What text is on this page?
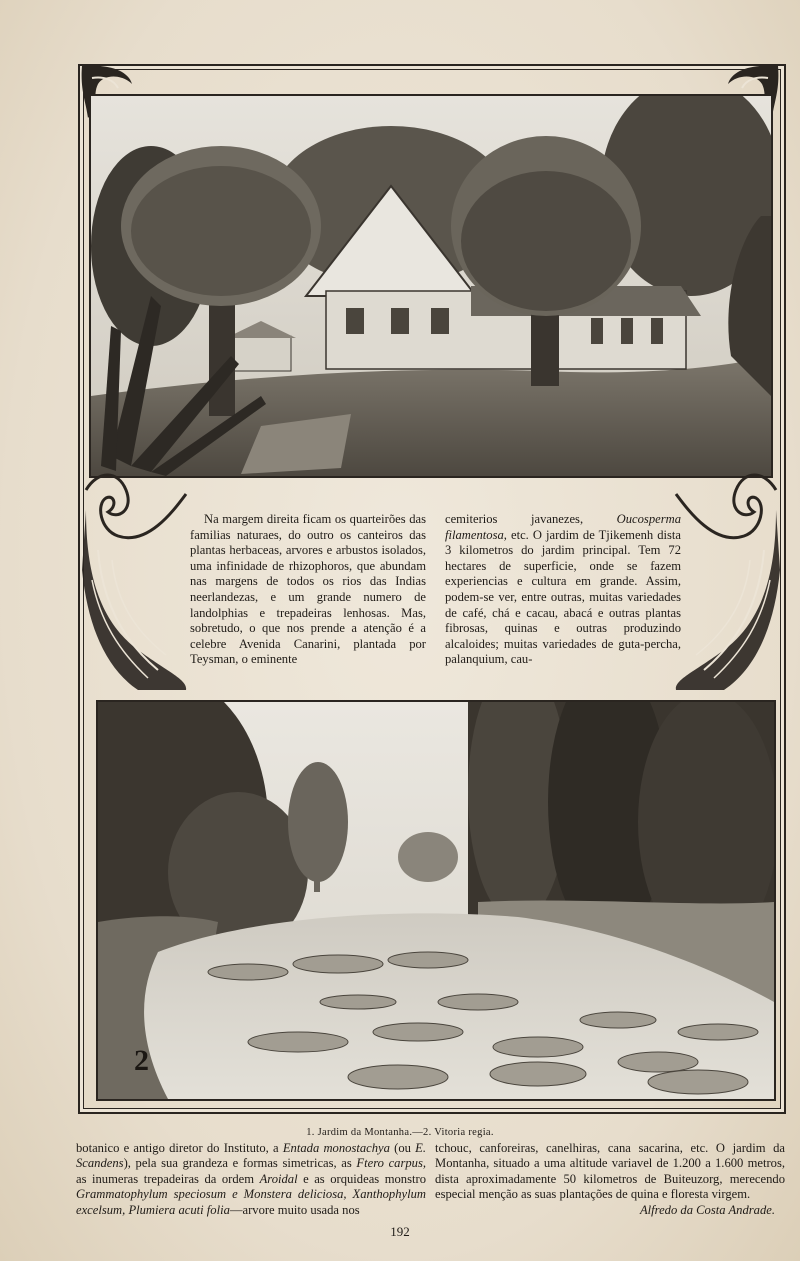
Na margem direita ficam os quarteirões das familias naturaes, do outro os canteiros das plantas herbaceas, arvores e arbustos isolados, uma infinidade de rhizophoros, que abundam nas margens de todos os rios das Indias neerlandezas, e um grande numero de landolphias e trepadeiras lenhosas. Mas, sobretudo, o que nos prende a atenção é a celebre Avenida Canarini, plantada por Teysman, o eminente
cemiterios javanezes, Oucosperma filamentosa, etc. O jardim de Tjikemenh dista 3 kilometros do jardim principal. Tem 72 hectares de superficie, onde se fazem experiencias e cultura em grande. Assim, podem-se ver, entre outras, muitas variedades de café, chá e cacau, abacá e outras plantas fibrosas, quinas e outras produzindo alcaloides; muitas variedades de guta-percha, palanquium, cau-
2
1. Jardim da Montanha.—2. Vitoria regia.
botanico e antigo diretor do Instituto, a Entada monostachya (ou E. Scandens), pela sua grandeza e formas simetricas, as Ftero carpus, as inumeras trepadeiras da ordem Aroidal e as orquideas monstro Grammatophylum speciosum e Monstera deliciosa, Xanthophylum excelsum, Plumiera acuti folia—arvore muito usada nos
tchouc, canforeiras, canelhiras, cana sacarina, etc. O jardim da Montanha, situado a uma altitude variavel de 1.200 a 1.600 metros, dista aproximadamente 50 kilometros de Buiteuzorg, merecendo especial menção as suas plantações de quina e floresta virgem.
Alfredo da Costa Andrade.
192
